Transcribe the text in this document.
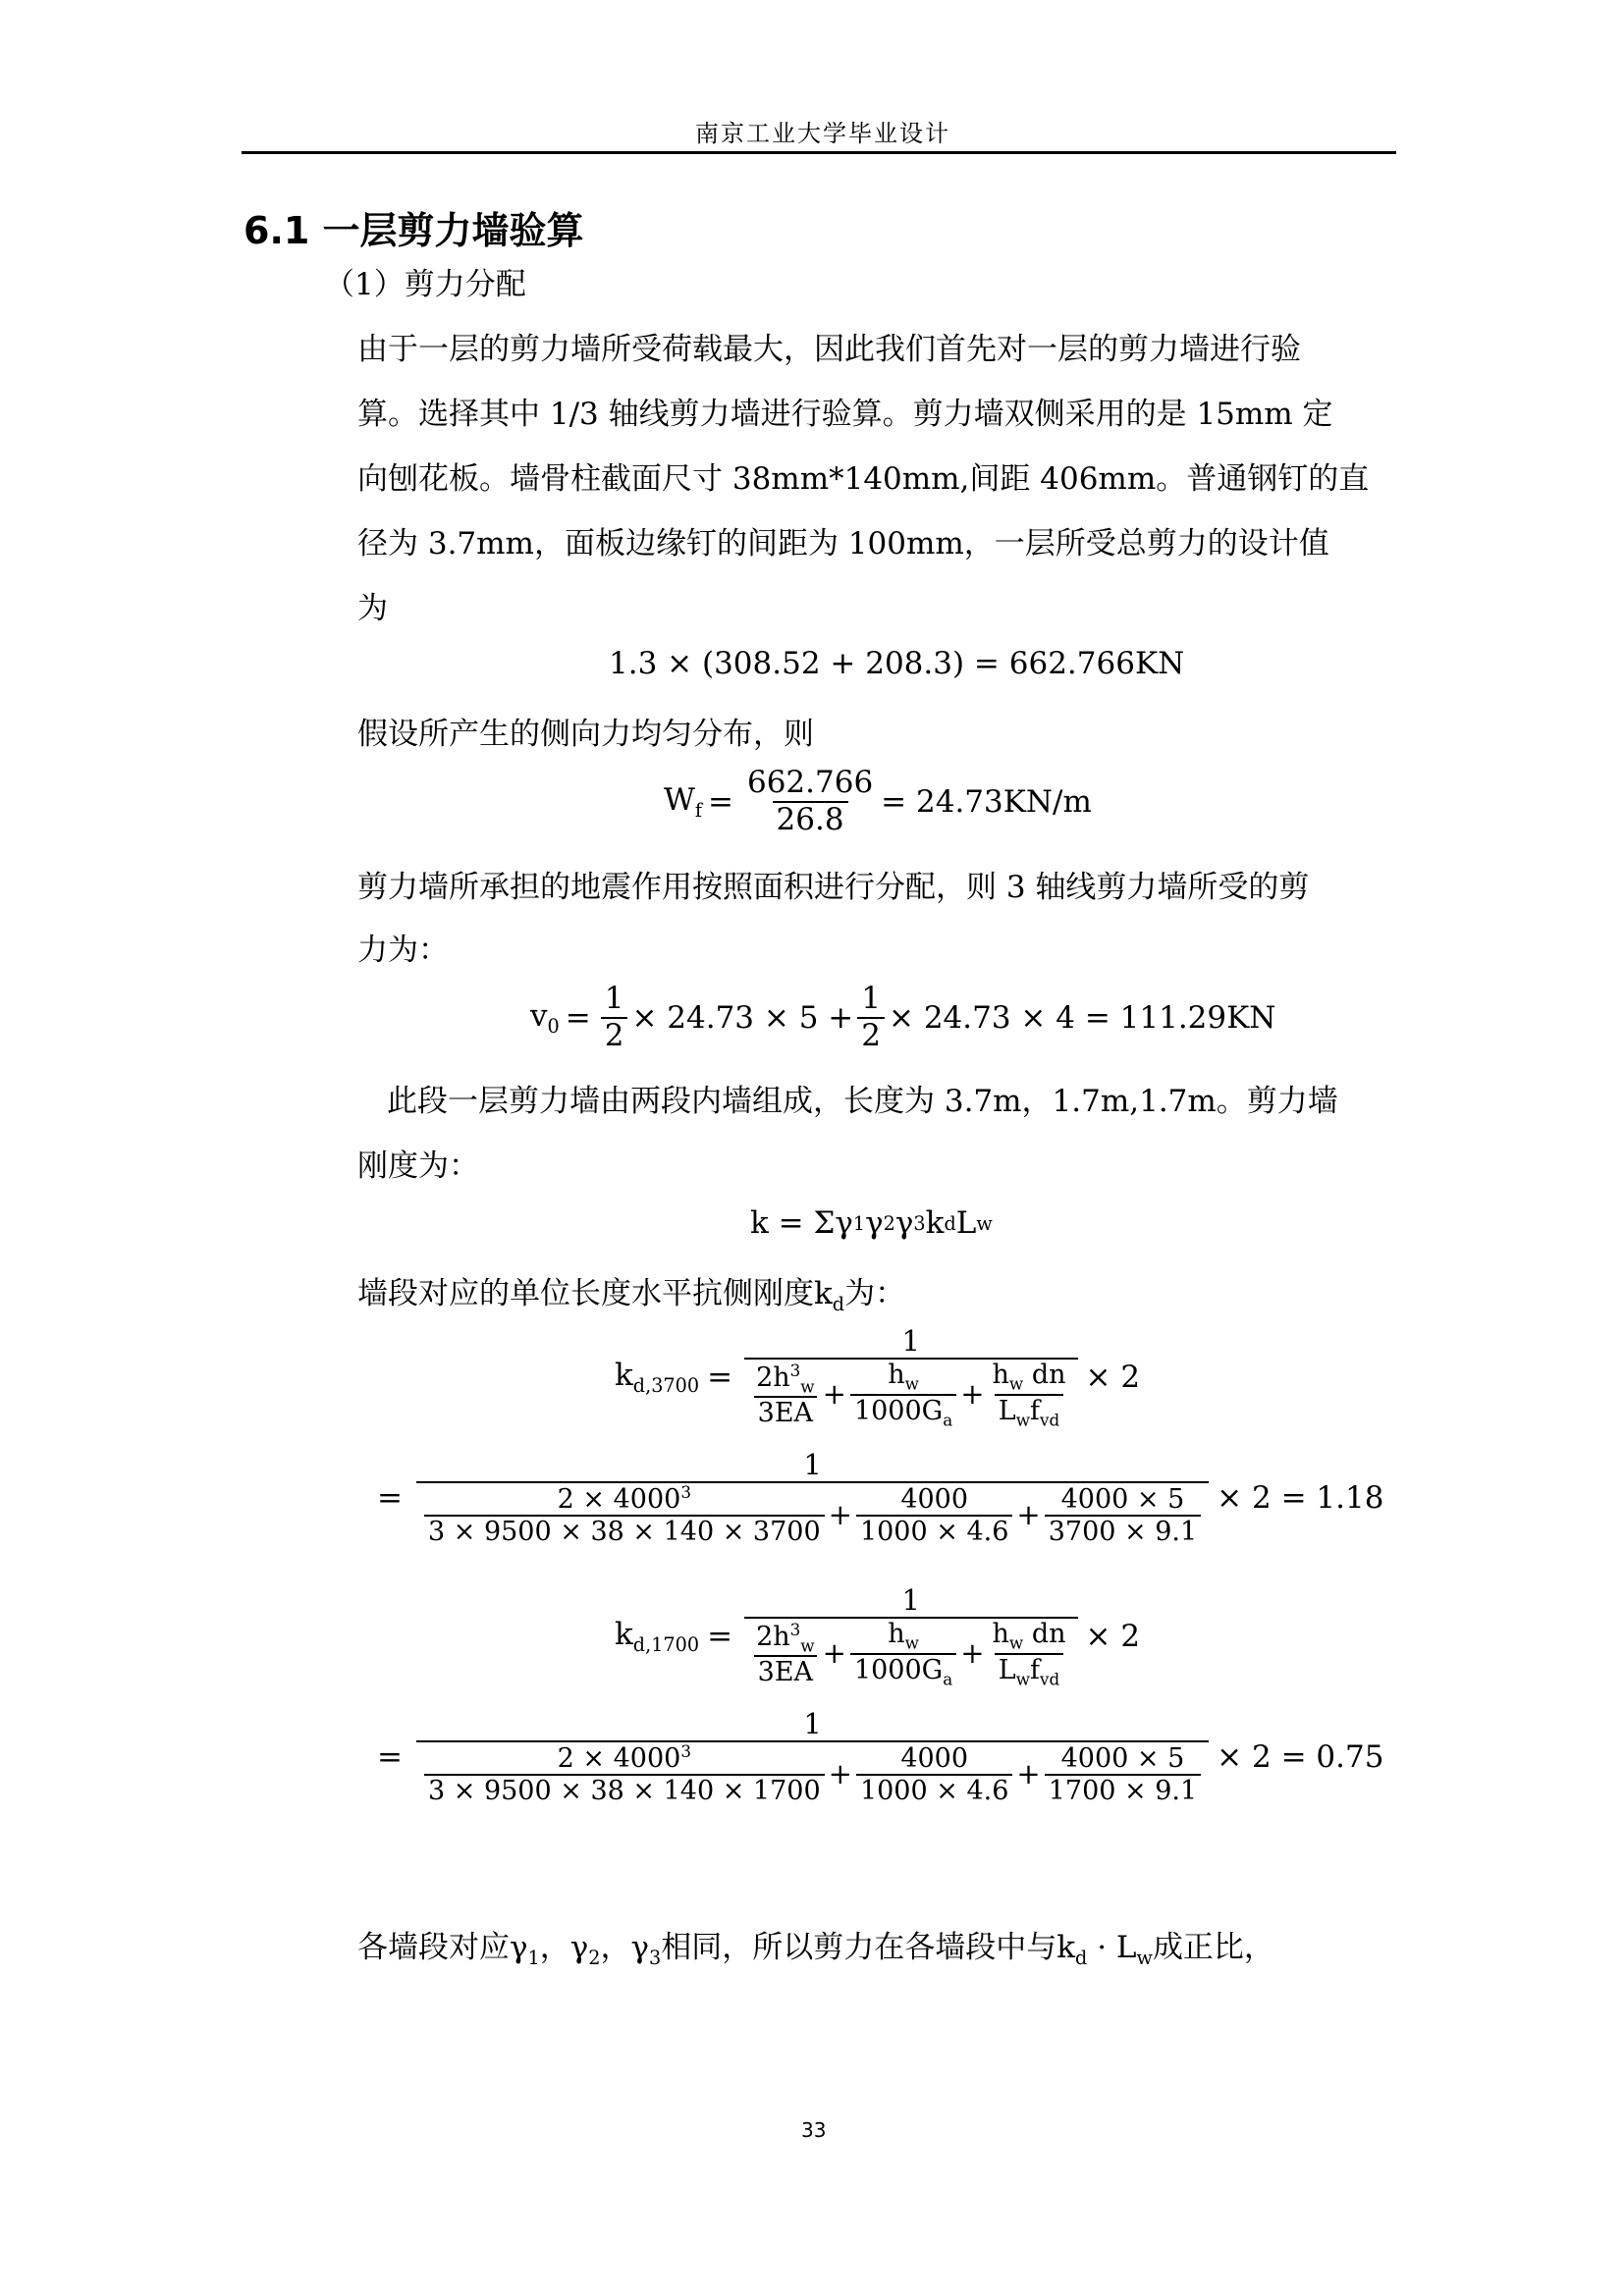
南京工业大学毕业设计
6.1 一层剪力墙验算
（1）剪力分配
由于一层的剪力墙所受荷载最大，因此我们首先对一层的剪力墙进行验
算。选择其中 1/3 轴线剪力墙进行验算。剪力墙双侧采用的是 15mm 定
向刨花板。墙骨柱截面尺寸 38mm*140mm,间距 406mm。普通钢钉的直
径为 3.7mm，面板边缘钉的间距为 100mm，一层所受总剪力的设计值
为
1.3 × (308.52 + 208.3) = 662.766KN
假设所产生的侧向力均匀分布，则
$W_f = \frac{662.766}{26.8} = 24.73KN/m$
剪力墙所承担的地震作用按照面积进行分配，则 3 轴线剪力墙所受的剪
力为：
$v_0 = \frac{1}{2} \times 24.73 \times 5 + \frac{1}{2} \times 24.73 \times 4 = 111.29KN$
此段一层剪力墙由两段内墙组成，长度为 3.7m，1.7m,1.7m。剪力墙
刚度为：
k = Σγ 1 γ 2 γ 3 k d L w
墙段对应的单位长度水平抗侧刚度$k_d$为：
$k_{d,3700} = \frac{1}{\frac{2h^3_w}{3EA} + \frac{h_w}{1000G_a} + \frac{h_w dn}{L_wf_{vd}}} \times 2$
=
1
$\frac{2 \times 4000^3}{3 \times 9500 \times 38 \times 140 \times 3700} + \frac{4000}{1000 \times 4.6} + \frac{4000 \times 5}{3700 \times 9.1} \times 2 = 1.18$
$k_{d,1700} = \frac{1}{\frac{2h^3_w}{3EA} + \frac{h_w}{1000G_a} + \frac{h_w dn}{L_wf_{vd}}} \times 2$
=
1
$\frac{2 \times 4000^3}{3 \times 9500 \times 38 \times 140 \times 1700} + \frac{4000}{1000 \times 4.6} + \frac{4000 \times 5}{1700 \times 9.1} \times 2 = 0.75$
各墙段对应$\gamma_1$，$\gamma_2$，$\gamma_3$相同，所以剪力在各墙段中与$k_d \cdot L_w$成正比，
33
